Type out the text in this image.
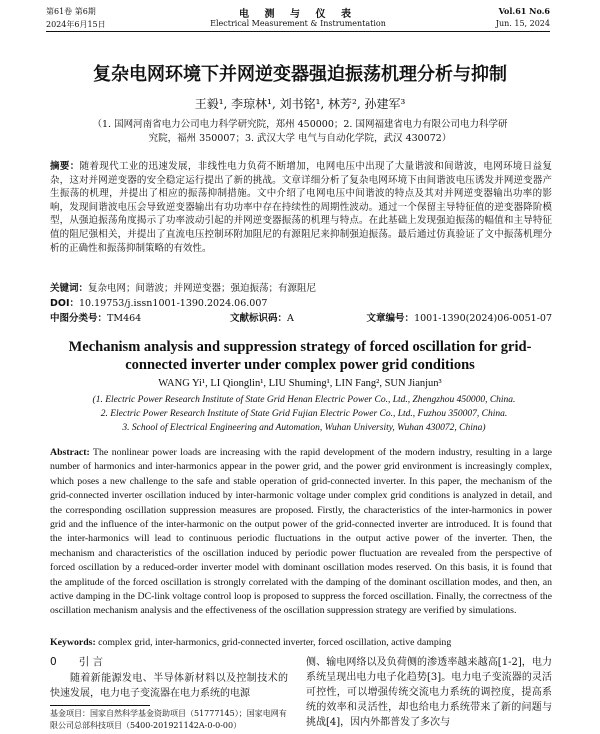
第61卷 第6期
2024年6月15日
电 测 与 仪 表
Electrical Measurement & Instrumentation
Vol.61 No.6
Jun. 15, 2024
复杂电网环境下并网逆变器强迫振荡机理分析与抑制
王毅¹, 李琼林¹, 刘书铭¹, 林芳², 孙建军³
（1. 国网河南省电力公司电力科学研究院，郑州 450000；2. 国网福建省电力有限公司电力科学研究院，福州 350007；3. 武汉大学 电气与自动化学院，武汉 430072）
摘要：随着现代工业的迅速发展，非线性电力负荷不断增加，电网电压中出现了大量谐波和间谐波，电网环境日益复杂，这对并网逆变器的安全稳定运行提出了新的挑战。文章详细分析了复杂电网环境下由间谐波电压诱发并网逆变器产生振荡的机理，并提出了相应的振荡抑制措施。文中介绍了电网电压中间谐波的特点及其对并网逆变器输出功率的影响，发现间谐波电压会导致逆变器输出有功功率中存在持续性的周期性波动。通过一个保留主导特征值的逆变器降阶模型，从强迫振荡角度揭示了功率波动引起的并网逆变器振荡的机理与特点。在此基础上发现强迫振荡的幅值和主导特征值的阻尼强相关，并提出了直流电压控制环附加阻尼的有源阻尼来抑制强迫振荡。最后通过仿真验证了文中振荡机理分析的正确性和振荡抑制策略的有效性。
关键词：复杂电网；间谐波；并网逆变器；强迫振荡；有源阻尼
DOI：10.19753/j.issn1001-1390.2024.06.007
中图分类号：TM464	文献标识码：A	文章编号：1001-1390(2024)06-0051-07
Mechanism analysis and suppression strategy of forced oscillation for grid-connected inverter under complex power grid conditions
WANG Yi¹, LI Qionglin¹, LIU Shuming¹, LIN Fang², SUN Jianjun³
(1. Electric Power Research Institute of State Grid Henan Electric Power Co., Ltd., Zhengzhou 450000, China.
2. Electric Power Research Institute of State Grid Fujian Electric Power Co., Ltd., Fuzhou 350007, China.
3. School of Electrical Engineering and Automation, Wuhan University, Wuhan 430072, China)
Abstract: The nonlinear power loads are increasing with the rapid development of the modern industry, resulting in a large number of harmonics and inter-harmonics appear in the power grid, and the power grid environment is increasingly complex, which poses a new challenge to the safe and stable operation of grid-connected inverter. In this paper, the mechanism of the grid-connected inverter oscillation induced by inter-harmonic voltage under complex grid conditions is analyzed in detail, and the corresponding oscillation suppression measures are proposed. Firstly, the characteristics of the inter-harmonics in power grid and the influence of the inter-harmonic on the output power of the grid-connected inverter are introduced. It is found that the inter-harmonics will lead to continuous periodic fluctuations in the output active power of the inverter. Then, the mechanism and characteristics of the oscillation induced by periodic power fluctuation are revealed from the perspective of forced oscillation by a reduced-order inverter model with dominant oscillation modes reserved. On this basis, it is found that the amplitude of the forced oscillation is strongly correlated with the damping of the dominant oscillation modes, and then, an active damping in the DC-link voltage control loop is proposed to suppress the forced oscillation. Finally, the correctness of the oscillation mechanism analysis and the effectiveness of the oscillation suppression strategy are verified by simulations.
Keywords: complex grid, inter-harmonics, grid-connected inverter, forced oscillation, active damping
0 引 言
随着新能源发电、半导体新材料以及控制技术的快速发展，电力电子变流器在电力系统的电源
侧、输电网络以及负荷侧的渗透率越来越高[1-2]，电力系统呈现出电力电子化趋势[3]。电力电子变流器的灵活可控性，可以增强传统交流电力系统的调控度，提高系统的效率和灵活性，却也给电力系统带来了新的问题与挑战[4]，因内外都普发了多次与
基金项目：国家自然科学基金资助项目（51777145）；国家电网有限公司总部科技项目（5400-201921142A-0-0-00）
